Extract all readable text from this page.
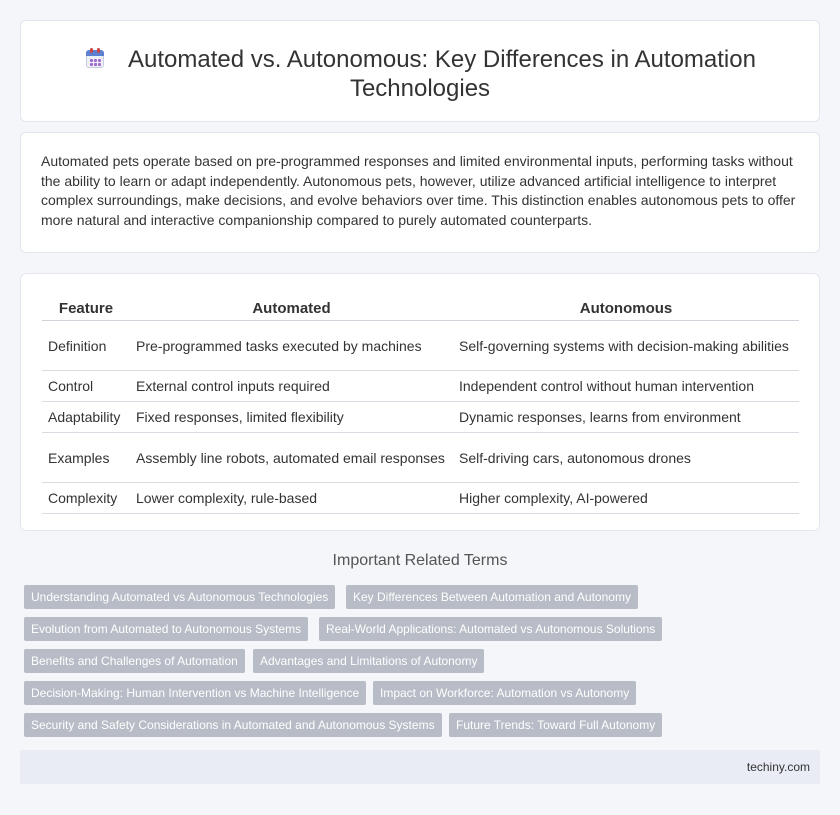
Automated vs. Autonomous: Key Differences in Automation Technologies

Automated pets operate based on pre-programmed responses and limited environmental inputs, performing tasks without the ability to learn or adapt independently. Autonomous pets, however, utilize advanced artificial intelligence to interpret complex surroundings, make decisions, and evolve behaviors over time. This distinction enables autonomous pets to offer more natural and interactive companionship compared to purely automated counterparts.

Feature	Automated	Autonomous
Definition	Pre-programmed tasks executed by machines	Self-governing systems with decision-making abilities
Control	External control inputs required	Independent control without human intervention
Adaptability	Fixed responses, limited flexibility	Dynamic responses, learns from environment
Examples	Assembly line robots, automated email responses	Self-driving cars, autonomous drones
Complexity	Lower complexity, rule-based	Higher complexity, AI-powered
Important Related Terms
Understanding Automated vs Autonomous Technologies	Key Differences Between Automation and Autonomy
Evolution from Automated to Autonomous Systems	Real-World Applications: Automated vs Autonomous Solutions
Benefits and Challenges of Automation	Advantages and Limitations of Autonomy
Decision-Making: Human Intervention vs Machine Intelligence	Impact on Workforce: Automation vs Autonomy
Security and Safety Considerations in Automated and Autonomous Systems	Future Trends: Toward Full Autonomy
techiny.com
